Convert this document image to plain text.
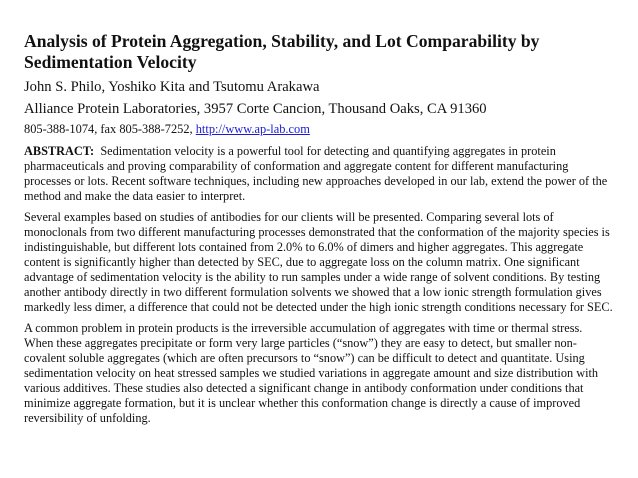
Analysis of Protein Aggregation, Stability, and Lot Comparability by Sedimentation Velocity

John S. Philo, Yoshiko Kita and Tsutomu Arakawa

Alliance Protein Laboratories, 3957 Corte Cancion, Thousand Oaks, CA 91360

805-388-1074, fax 805-388-7252, http://www.ap-lab.com

ABSTRACT: Sedimentation velocity is a powerful tool for detecting and quantifying aggregates in protein pharmaceuticals and proving comparability of conformation and aggregate content for different manufacturing processes or lots. Recent software techniques, including new approaches developed in our lab, extend the power of the method and make the data easier to interpret.

Several examples based on studies of antibodies for our clients will be presented. Comparing several lots of monoclonals from two different manufacturing processes demonstrated that the conformation of the majority species is indistinguishable, but different lots contained from 2.0% to 6.0% of dimers and higher aggregates. This aggregate content is significantly higher than detected by SEC, due to aggregate loss on the column matrix. One significant advantage of sedimentation velocity is the ability to run samples under a wide range of solvent conditions. By testing another antibody directly in two different formulation solvents we showed that a low ionic strength formulation gives markedly less dimer, a difference that could not be detected under the high ionic strength conditions necessary for SEC.

A common problem in protein products is the irreversible accumulation of aggregates with time or thermal stress. When these aggregates precipitate or form very large particles (“snow”) they are easy to detect, but smaller non-covalent soluble aggregates (which are often precursors to “snow”) can be difficult to detect and quantitate. Using sedimentation velocity on heat stressed samples we studied variations in aggregate amount and size distribution with various additives. These studies also detected a significant change in antibody conformation under conditions that minimize aggregate formation, but it is unclear whether this conformation change is directly a cause of improved reversibility of unfolding.
